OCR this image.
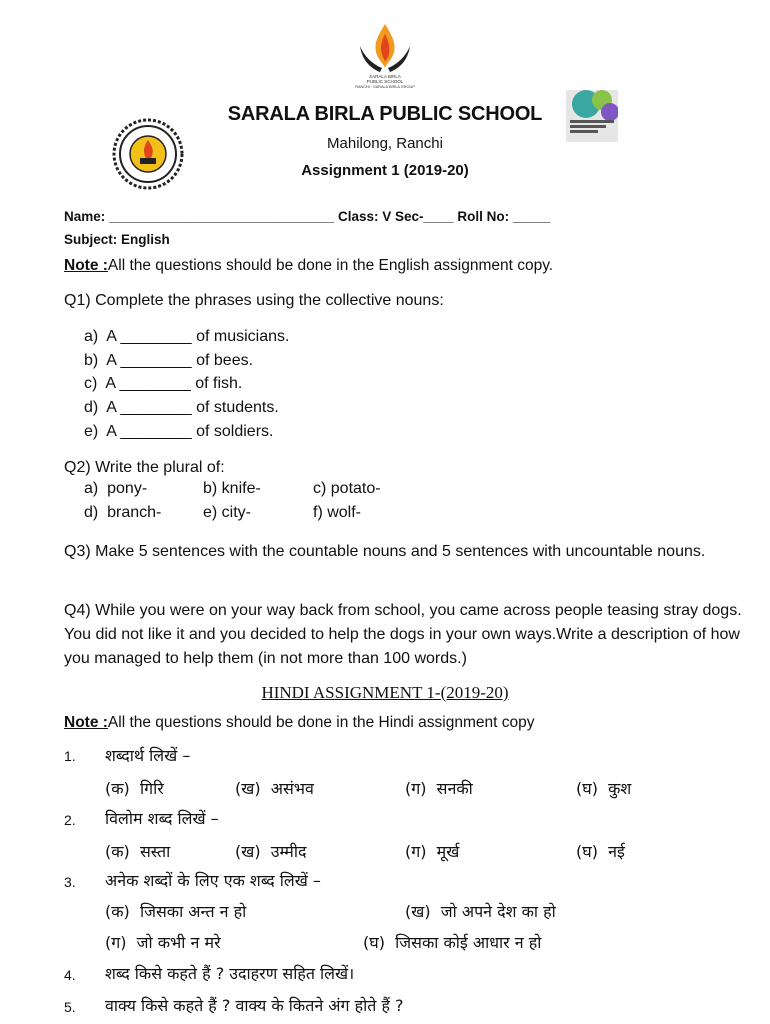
SARALA BIRLA
PUBLIC SCHOOL
RANCHI · SARALA BIRLA GROUP
SARALA BIRLA PUBLIC SCHOOL
Mahilong, Ranchi
Assignment 1 (2019-20)
Name: ______________________________ Class: V Sec-____ Roll No: _____
Subject: English
Note :All the questions should be done in the English assignment copy.
Q1) Complete the phrases using the collective nouns:
a)  A ________ of musicians.
b)  A ________ of bees.
c)  A ________ of fish.
d)  A ________ of students.
e)  A ________ of soldiers.
Q2) Write the plural of:
a)  pony-	b) knife-	c) potato-
d)  branch-	e) city-	f) wolf-
Q3) Make 5 sentences with the countable nouns and 5 sentences with uncountable nouns.
Q4) While you were on your way back from school, you came across people teasing stray dogs. You did not like it and you decided to help the dogs in your own ways.Write a description of how you managed to help them (in not more than 100 words.)
HINDI ASSIGNMENT 1-(2019-20)
Note :All the questions should be done in the Hindi assignment copy
1. शब्दार्थ लिखें –
(क)  गिरि	(ख)  असंभव	(ग)  सनकी	(घ)  कुश
2. विलोम शब्द लिखें –
(क)  सस्ता	(ख)  उम्मीद	(ग)  मूर्ख	(घ)  नई
3. अनेक शब्दों के लिए एक शब्द लिखें –
(क)  जिसका अन्त न हो	(ख)  जो अपने देश का हो
(ग)  जो कभी न मरे	(घ)  जिसका कोई आधार न हो
4. शब्द किसे कहते हैं ? उदाहरण सहित लिखें।
5. वाक्य किसे कहते हैं ? वाक्य के कितने अंग होते हैं ?
